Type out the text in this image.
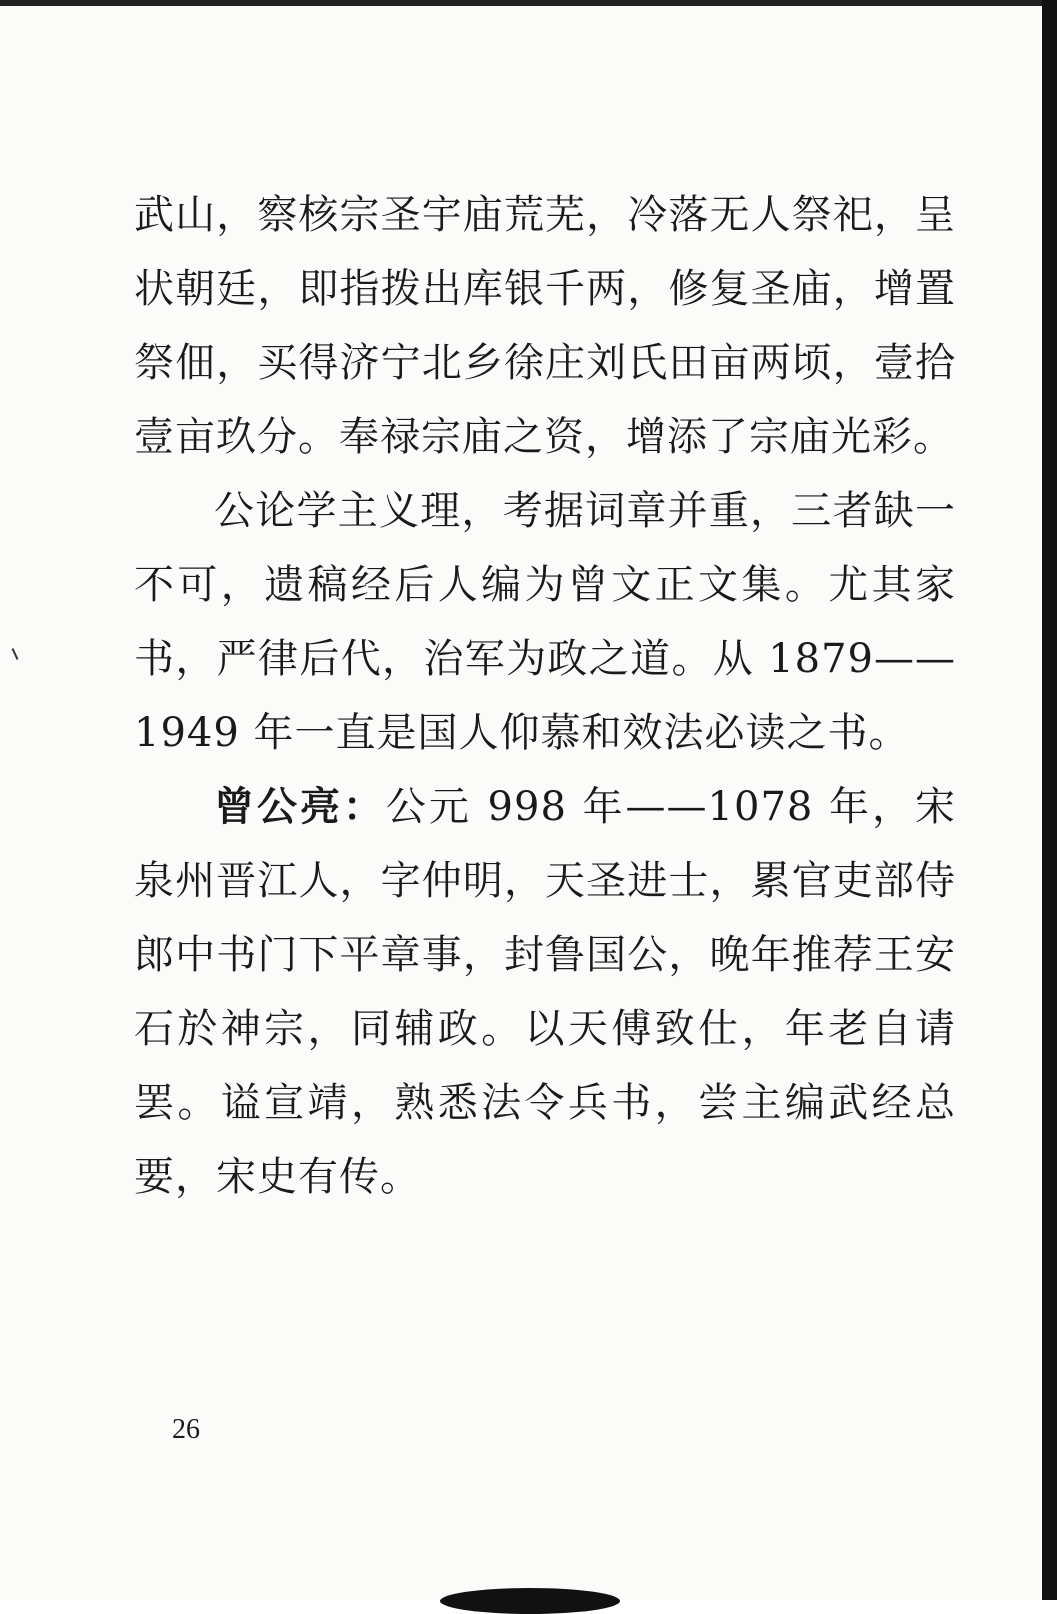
武山，察核宗圣宇庙荒芜，冷落无人祭祀，呈状朝廷，即指拨出库银千两，修复圣庙，增置祭佃，买得济宁北乡徐庄刘氏田亩两顷，壹拾壹亩玖分。奉禄宗庙之资，增添了宗庙光彩。

公论学主义理，考据词章并重，三者缺一不可，遗稿经后人编为曾文正文集。尤其家书，严律后代，治军为政之道。从 1879——1949 年一直是国人仰慕和效法必读之书。

曾公亮：公元 998 年——1078 年，宋泉州晋江人，字仲明，天圣进士，累官吏部侍郎中书门下平章事，封鲁国公，晚年推荐王安石於神宗，同辅政。以天傅致仕，年老自请罢。谥宣靖，熟悉法令兵书，尝主编武经总要，宋史有传。

26
